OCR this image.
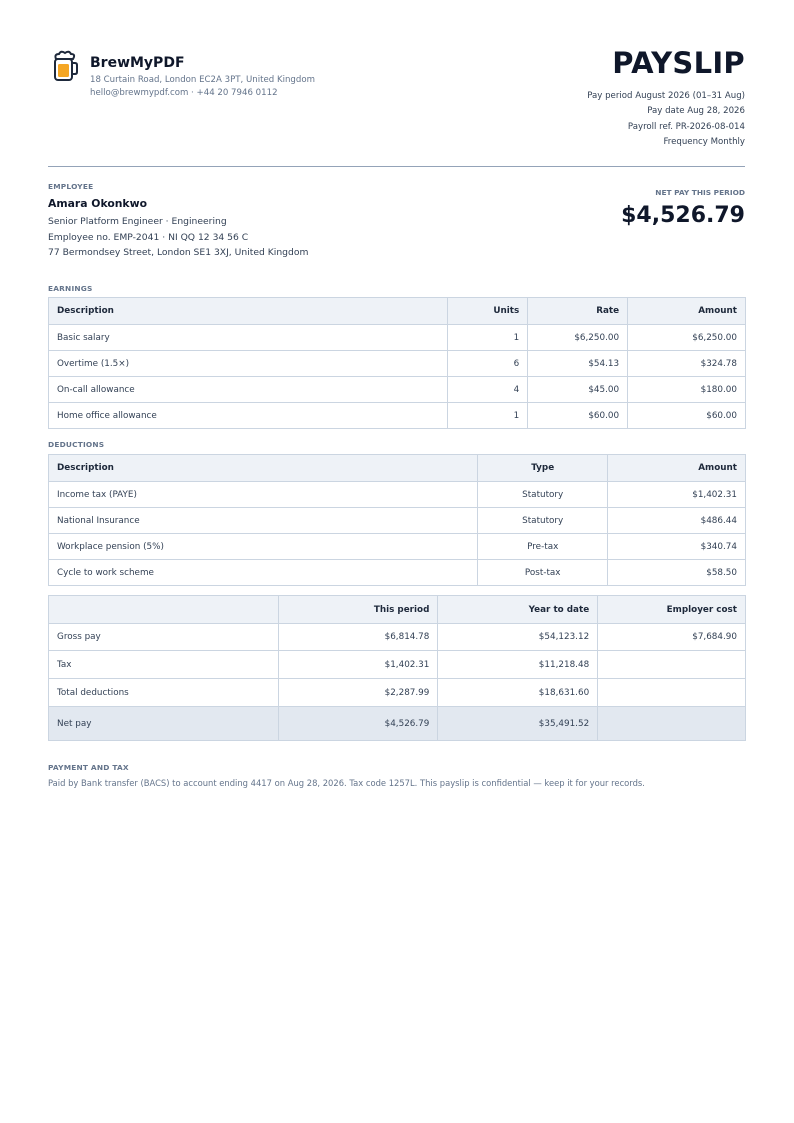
BrewMyPDF
18 Curtain Road, London EC2A 3PT, United Kingdom
hello@brewmypdf.com · +44 20 7946 0112
PAYSLIP
Pay period August 2026 (01–31 Aug)
Pay date Aug 28, 2026
Payroll ref. PR-2026-08-014
Frequency Monthly
EMPLOYEE
Amara Okonkwo
Senior Platform Engineer · Engineering
Employee no. EMP-2041 · NI QQ 12 34 56 C
77 Bermondsey Street, London SE1 3XJ, United Kingdom
NET PAY THIS PERIOD
$4,526.79
EARNINGS
Description	Units	Rate	Amount
Basic salary	1	$6,250.00	$6,250.00
Overtime (1.5×)	6	$54.13	$324.78
On-call allowance	4	$45.00	$180.00
Home office allowance	1	$60.00	$60.00
DEDUCTIONS
Description	Type	Amount
Income tax (PAYE)	Statutory	$1,402.31
National Insurance	Statutory	$486.44
Workplace pension (5%)	Pre-tax	$340.74
Cycle to work scheme	Post-tax	$58.50
	This period	Year to date	Employer cost
Gross pay	$6,814.78	$54,123.12	$7,684.90
Tax	$1,402.31	$11,218.48	
Total deductions	$2,287.99	$18,631.60	
Net pay	$4,526.79	$35,491.52	
PAYMENT AND TAX
Paid by Bank transfer (BACS) to account ending 4417 on Aug 28, 2026. Tax code 1257L. This payslip is confidential — keep it for your records.
